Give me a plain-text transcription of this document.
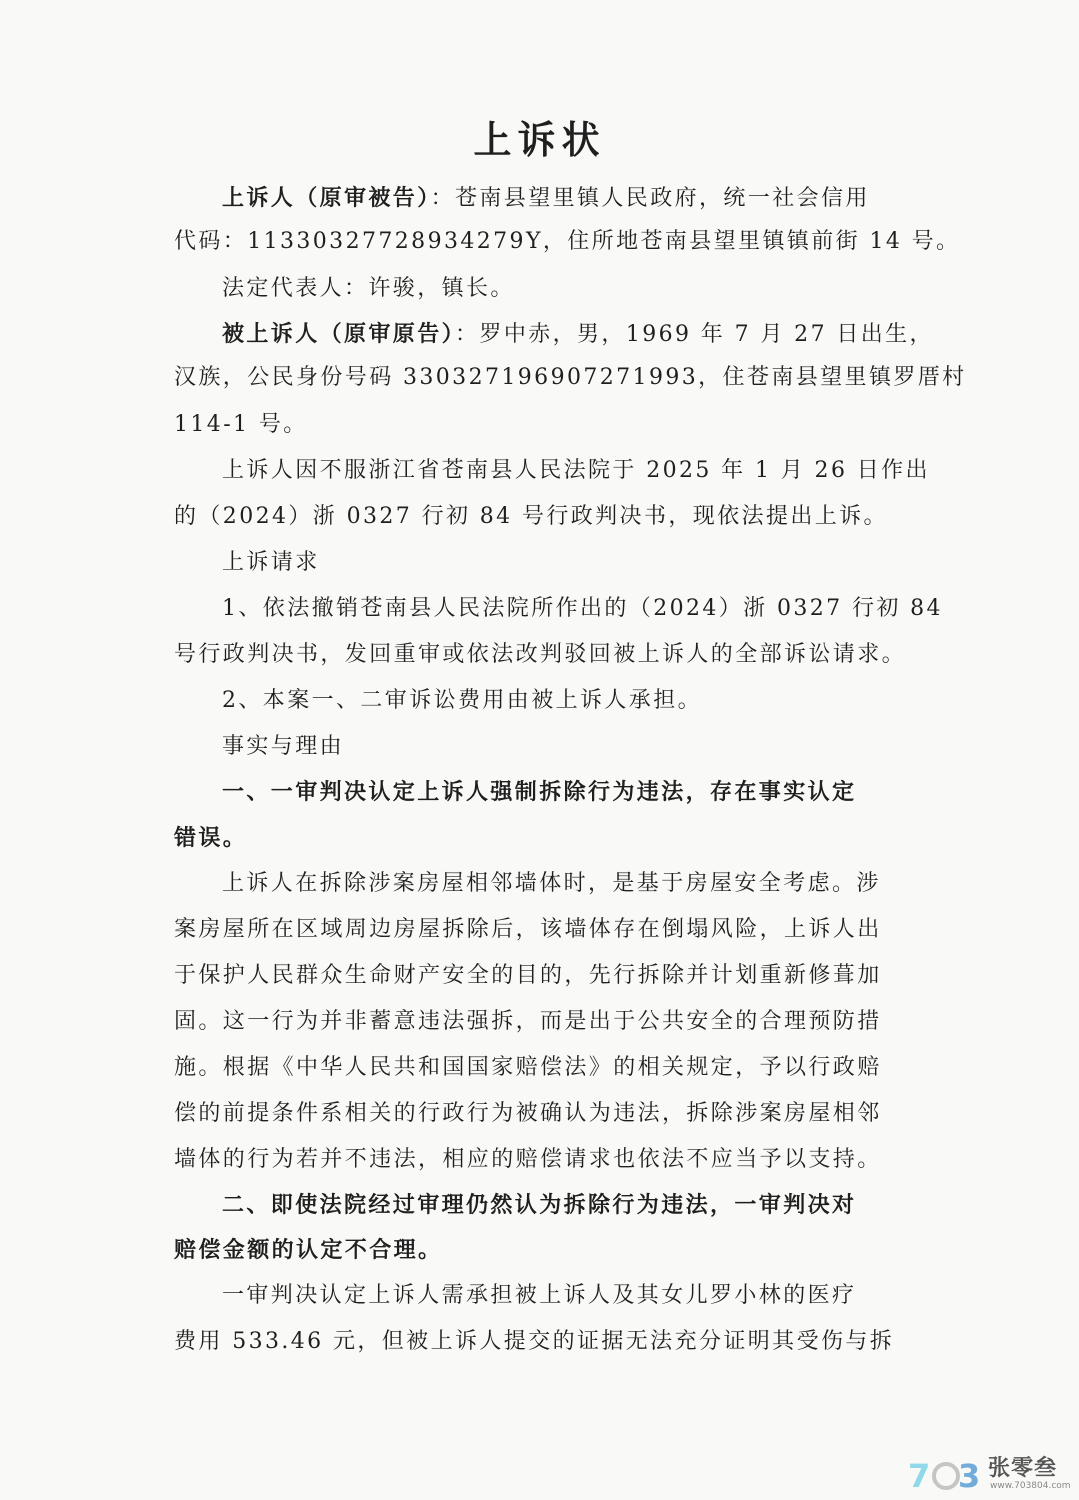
上诉状
上诉人（原审被告）：苍南县望里镇人民政府，统一社会信用
代码：11330327728934279Y，住所地苍南县望里镇镇前街 14 号。
法定代表人：许骏，镇长。
被上诉人（原审原告）：罗中赤，男，1969 年 7 月 27 日出生，
汉族，公民身份号码 330327196907271993，住苍南县望里镇罗厝村
114-1 号。
上诉人因不服浙江省苍南县人民法院于 2025 年 1 月 26 日作出
的（2024）浙 0327 行初 84 号行政判决书，现依法提出上诉。
上诉请求
1、依法撤销苍南县人民法院所作出的（2024）浙 0327 行初 84
号行政判决书，发回重审或依法改判驳回被上诉人的全部诉讼请求。
2、本案一、二审诉讼费用由被上诉人承担。
事实与理由
一、一审判决认定上诉人强制拆除行为违法，存在事实认定
错误。
上诉人在拆除涉案房屋相邻墙体时，是基于房屋安全考虑。涉
案房屋所在区域周边房屋拆除后，该墙体存在倒塌风险，上诉人出
于保护人民群众生命财产安全的目的，先行拆除并计划重新修葺加
固。这一行为并非蓄意违法强拆，而是出于公共安全的合理预防措
施。根据《中华人民共和国国家赔偿法》的相关规定，予以行政赔
偿的前提条件系相关的行政行为被确认为违法，拆除涉案房屋相邻
墙体的行为若并不违法，相应的赔偿请求也依法不应当予以支持。
二、即使法院经过审理仍然认为拆除行为违法，一审判决对
赔偿金额的认定不合理。
一审判决认定上诉人需承担被上诉人及其女儿罗小林的医疗
费用 533.46 元，但被上诉人提交的证据无法充分证明其受伤与拆
7 3 张零叁
www.703804.com
